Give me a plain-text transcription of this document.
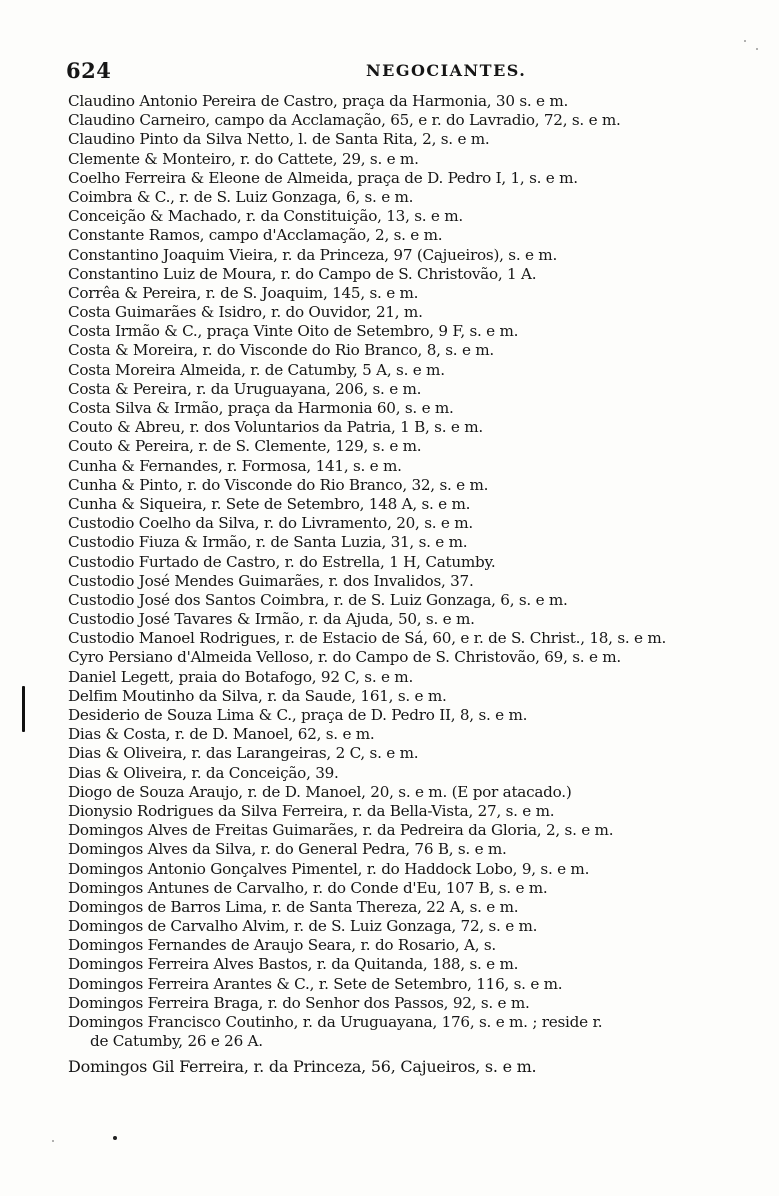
624	NEGOCIANTES.
Claudino Antonio Pereira de Castro, praça da Harmonia, 30 s. e m.
Claudino Carneiro, campo da Acclamação, 65, e r. do Lavradio, 72, s. e m.
Claudino Pinto da Silva Netto, l. de Santa Rita, 2, s. e m.
Clemente & Monteiro, r. do Cattete, 29, s. e m.
Coelho Ferreira & Eleone de Almeida, praça de D. Pedro I, 1, s. e m.
Coimbra & C., r. de S. Luiz Gonzaga, 6, s. e m.
Conceição & Machado, r. da Constituição, 13, s. e m.
Constante Ramos, campo d'Acclamação, 2, s. e m.
Constantino Joaquim Vieira, r. da Princeza, 97 (Cajueiros), s. e m.
Constantino Luiz de Moura, r. do Campo de S. Christovão, 1 A.
Corrêa & Pereira, r. de S. Joaquim, 145, s. e m.
Costa Guimarães & Isidro, r. do Ouvidor, 21, m.
Costa Irmão & C., praça Vinte Oito de Setembro, 9 F, s. e m.
Costa & Moreira, r. do Visconde do Rio Branco, 8, s. e m.
Costa Moreira Almeida, r. de Catumby, 5 A, s. e m.
Costa & Pereira, r. da Uruguayana, 206, s. e m.
Costa Silva & Irmão, praça da Harmonia 60, s. e m.
Couto & Abreu, r. dos Voluntarios da Patria, 1 B, s. e m.
Couto & Pereira, r. de S. Clemente, 129, s. e m.
Cunha & Fernandes, r. Formosa, 141, s. e m.
Cunha & Pinto, r. do Visconde do Rio Branco, 32, s. e m.
Cunha & Siqueira, r. Sete de Setembro, 148 A, s. e m.
Custodio Coelho da Silva, r. do Livramento, 20, s. e m.
Custodio Fiuza & Irmão, r. de Santa Luzia, 31, s. e m.
Custodio Furtado de Castro, r. do Estrella, 1 H, Catumby.
Custodio José Mendes Guimarães, r. dos Invalidos, 37.
Custodio José dos Santos Coimbra, r. de S. Luiz Gonzaga, 6, s. e m.
Custodio José Tavares & Irmão, r. da Ajuda, 50, s. e m.
Custodio Manoel Rodrigues, r. de Estacio de Sá, 60, e r. de S. Christ., 18, s. e m.
Cyro Persiano d'Almeida Velloso, r. do Campo de S. Christovão, 69, s. e m.
Daniel Legett, praia do Botafogo, 92 C, s. e m.
Delfim Moutinho da Silva, r. da Saude, 161, s. e m.
Desiderio de Souza Lima & C., praça de D. Pedro II, 8, s. e m.
Dias & Costa, r. de D. Manoel, 62, s. e m.
Dias & Oliveira, r. das Larangeiras, 2 C, s. e m.
Dias & Oliveira, r. da Conceição, 39.
Diogo de Souza Araujo, r. de D. Manoel, 20, s. e m. (E por atacado.)
Dionysio Rodrigues da Silva Ferreira, r. da Bella-Vista, 27, s. e m.
Domingos Alves de Freitas Guimarães, r. da Pedreira da Gloria, 2, s. e m.
Domingos Alves da Silva, r. do General Pedra, 76 B, s. e m.
Domingos Antonio Gonçalves Pimentel, r. do Haddock Lobo, 9, s. e m.
Domingos Antunes de Carvalho, r. do Conde d'Eu, 107 B, s. e m.
Domingos de Barros Lima, r. de Santa Thereza, 22 A, s. e m.
Domingos de Carvalho Alvim, r. de S. Luiz Gonzaga, 72, s. e m.
Domingos Fernandes de Araujo Seara, r. do Rosario, A, s.
Domingos Ferreira Alves Bastos, r. da Quitanda, 188, s. e m.
Domingos Ferreira Arantes & C., r. Sete de Setembro, 116, s. e m.
Domingos Ferreira Braga, r. do Senhor dos Passos, 92, s. e m.
Domingos Francisco Coutinho, r. da Uruguayana, 176, s. e m. ; reside r.
de Catumby, 26 e 26 A.
Domingos Gil Ferreira, r. da Princeza, 56, Cajueiros, s. e m.
